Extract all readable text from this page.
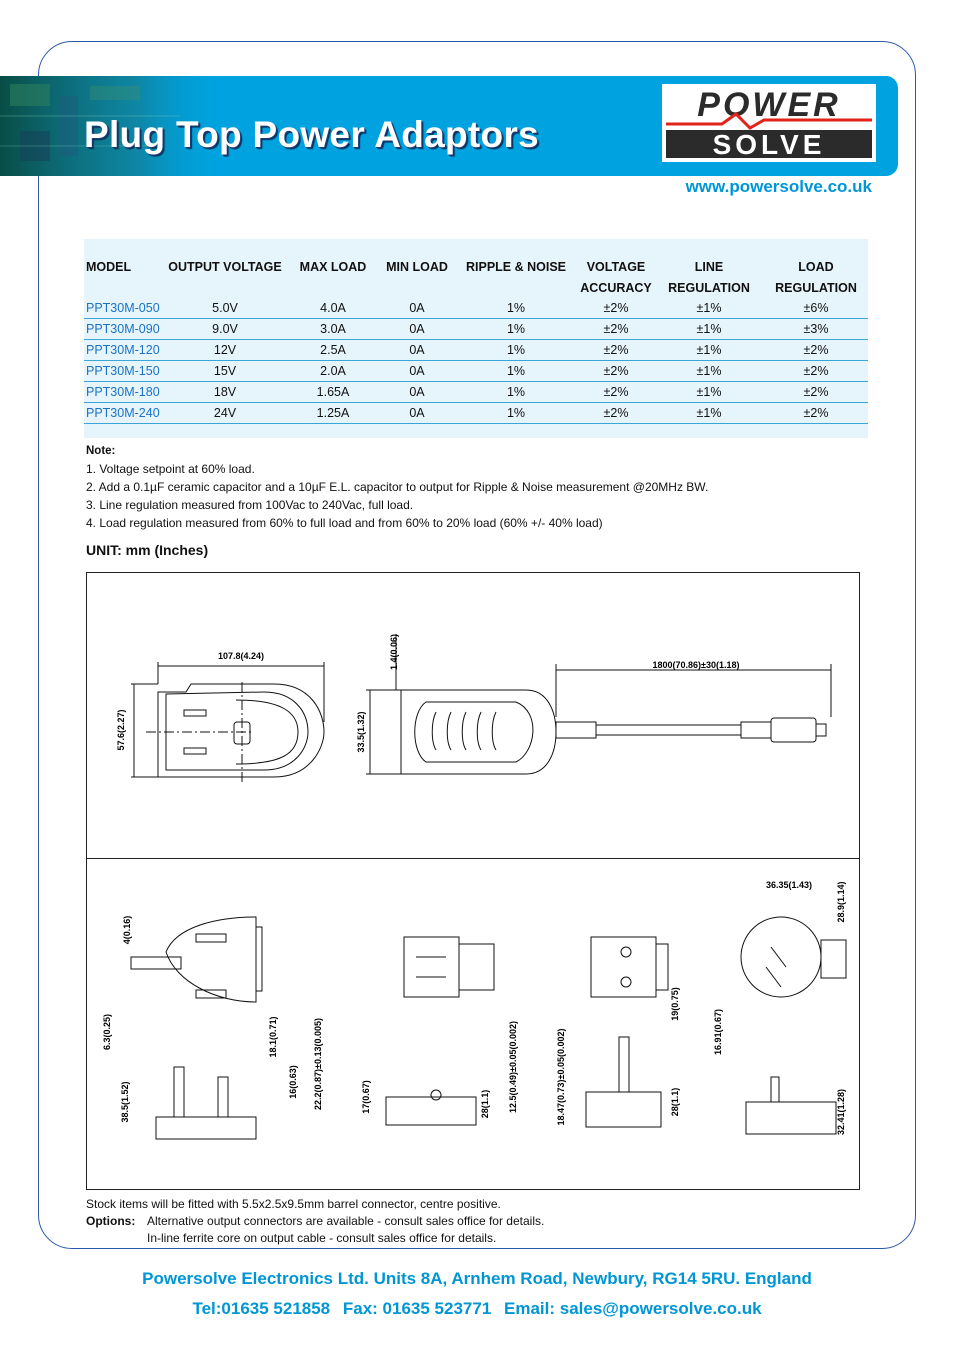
Plug Top Power Adaptors
POWER
SOLVE
www.powersolve.co.uk
MODEL	OUTPUT VOLTAGE	MAX LOAD	MIN LOAD	RIPPLE & NOISE	VOLTAGE	LINE	LOAD
					ACCURACY	REGULATION	REGULATION
PPT30M-050	5.0V	4.0A	0A	1%	±2%	±1%	±6%
PPT30M-090	9.0V	3.0A	0A	1%	±2%	±1%	±3%
PPT30M-120	12V	2.5A	0A	1%	±2%	±1%	±2%
PPT30M-150	15V	2.0A	0A	1%	±2%	±1%	±2%
PPT30M-180	18V	1.65A	0A	1%	±2%	±1%	±2%
PPT30M-240	24V	1.25A	0A	1%	±2%	±1%	±2%
Note:
1. Voltage setpoint at 60% load.
2. Add a 0.1µF ceramic capacitor and a 10µF E.L. capacitor to output for Ripple & Noise measurement @20MHz BW.
3. Line regulation measured from 100Vac to 240Vac, full load.
4. Load regulation measured from 60% to full load and from 60% to 20% load (60% +/- 40% load)
UNIT: mm (Inches)
107.8(4.24)
57.6(2.27)	33.5(1.32)
1.4(0.06)	1800(70.86)±30(1.18)
4(0.16)
6.3(0.25)
38.5(1.52)
18.1(0.71)
16(0.63) 22.2(0.87)±0.13(0.005)	17(0.67)	28(1.1) 12.5(0.49)±0.05(0.002)	18.47(0.73)±0.05(0.002)
19(0.75)
28(1.1)
36.35(1.43)	28.9(1.14)
16.91(0.67)
32.41(1.28)
Stock items will be fitted with 5.5x2.5x9.5mm barrel connector, centre positive.
Options: Alternative output connectors are available - consult sales office for details.
In-line ferrite core on output cable - consult sales office for details.
Powersolve Electronics Ltd. Units 8A, Arnhem Road, Newbury, RG14 5RU. England
Tel:01635 521858 Fax: 01635 523771 Email: sales@powersolve.co.uk
